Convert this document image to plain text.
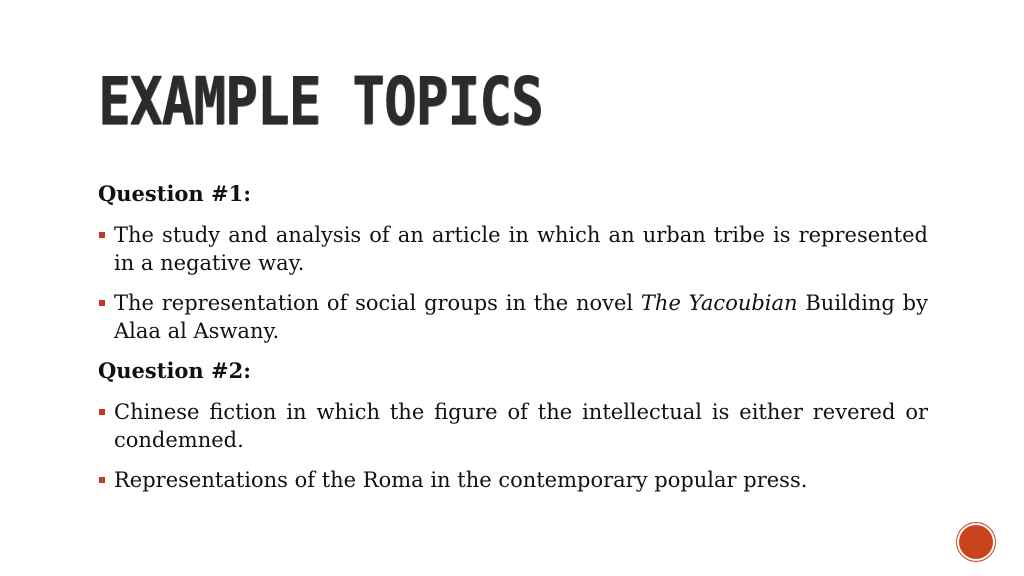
EXAMPLE TOPICS
Question #1:
The study and analysis of an article in which an urban tribe is represented in a negative way.
The representation of social groups in the novel The Yacoubian Building by Alaa al Aswany.
Question #2:
Chinese fiction in which the figure of the intellectual is either revered or condemned.
Representations of the Roma in the contemporary popular press.
